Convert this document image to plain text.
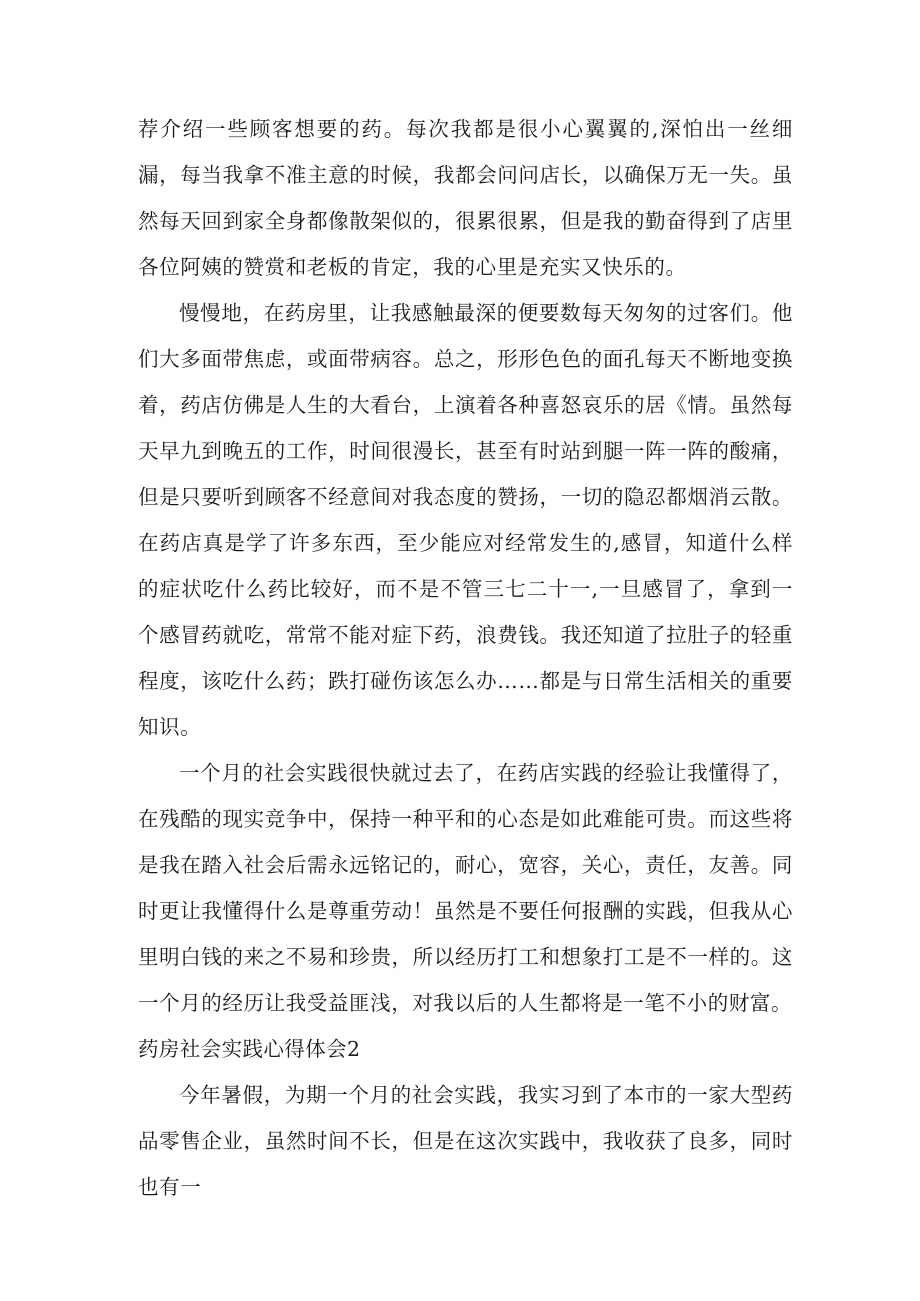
荐介绍一些顾客想要的药。每次我都是很小心翼翼的,深怕出一丝细漏，每当我拿不准主意的时候，我都会问问店长，以确保万无一失。虽然每天回到家全身都像散架似的，很累很累，但是我的勤奋得到了店里各位阿姨的赞赏和老板的肯定，我的心里是充实又快乐的。

慢慢地，在药房里，让我感触最深的便要数每天匆匆的过客们。他们大多面带焦虑，或面带病容。总之，形形色色的面孔每天不断地变换着，药店仿佛是人生的大看台，上演着各种喜怒哀乐的居《情。虽然每天早九到晚五的工作，时间很漫长，甚至有时站到腿一阵一阵的酸痛，但是只要听到顾客不经意间对我态度的赞扬，一切的隐忍都烟消云散。在药店真是学了许多东西，至少能应对经常发生的,感冒，知道什么样的症状吃什么药比较好，而不是不管三七二十一,一旦感冒了，拿到一个感冒药就吃，常常不能对症下药，浪费钱。我还知道了拉肚子的轻重程度，该吃什么药；跌打碰伤该怎么办……都是与日常生活相关的重要知识。

一个月的社会实践很快就过去了，在药店实践的经验让我懂得了，在残酷的现实竞争中，保持一种平和的心态是如此难能可贵。而这些将是我在踏入社会后需永远铭记的，耐心，宽容，关心，责任，友善。同时更让我懂得什么是尊重劳动！虽然是不要任何报酬的实践，但我从心里明白钱的来之不易和珍贵，所以经历打工和想象打工是不一样的。这一个月的经历让我受益匪浅，对我以后的人生都将是一笔不小的财富。

药房社会实践心得体会2

今年暑假，为期一个月的社会实践，我实习到了本市的一家大型药品零售企业，虽然时间不长，但是在这次实践中，我收获了良多，同时也有一
